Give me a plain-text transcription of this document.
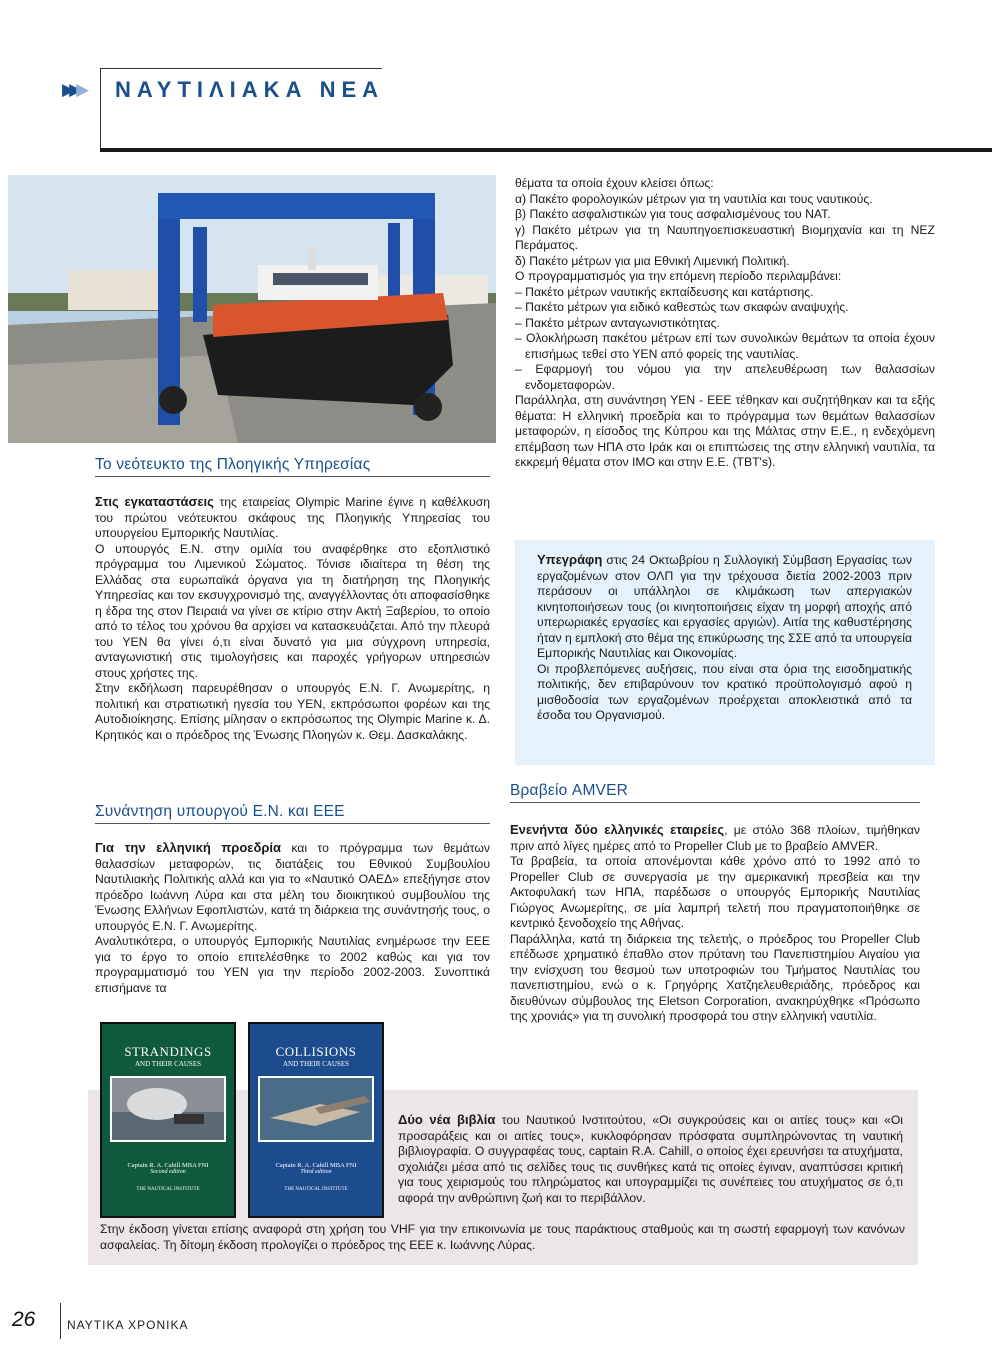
▶▶▶ ΝΑΥΤΙΛΙΑΚΑ ΝΕΑ
Το νεότευκτο της Πλοηγικής Υπηρεσίας

Στις εγκαταστάσεις της εταιρείας Olympic Marine έγινε η καθέλκυση του πρώτου νεότευκτου σκάφους της Πλοηγικής Υπηρεσίας του υπουργείου Εμπορικής Ναυτιλίας.

Ο υπουργός Ε.Ν. στην ομιλία του αναφέρθηκε στο εξοπλιστικό πρόγραμμα του Λιμενικού Σώματος. Τόνισε ιδιαίτερα τη θέση της Ελλάδας στα ευρωπαϊκά όργανα για τη διατήρηση της Πλοηγικής Υπηρεσίας και τον εκσυγχρονισμό της, αναγγέλλοντας ότι αποφασίσθηκε η έδρα της στον Πειραιά να γίνει σε κτίριο στην Ακτή Ξαβερίου, το οποίο από το τέλος του χρόνου θα αρχίσει να κατασκευάζεται. Από την πλευρά του ΥΕΝ θα γίνει ό,τι είναι δυνατό για μια σύγχρονη υπηρεσία, ανταγωνιστική στις τιμολογήσεις και παροχές γρήγορων υπηρεσιών στους χρήστες της.

Στην εκδήλωση παρευρέθησαν ο υπουργός Ε.Ν. Γ. Ανωμερίτης, η πολιτική και στρατιωτική ηγεσία του ΥΕΝ, εκπρόσωποι φορέων και της Αυτοδιοίκησης. Επίσης μίλησαν ο εκπρόσωπος της Olympic Marine κ. Δ. Κρητικός και ο πρόεδρος της Ένωσης Πλοηγών κ. Θεμ. Δασκαλάκης.

Συνάντηση υπουργού Ε.Ν. και ΕΕΕ

Για την ελληνική προεδρία και το πρόγραμμα των θεμάτων θαλασσίων μεταφορών, τις διατάξεις του Εθνικού Συμβουλίου Ναυτιλιακής Πολιτικής αλλά και για το «Ναυτικό ΟΑΕΔ» επεξήγησε στον πρόεδρο Ιωάννη Λύρα και στα μέλη του διοικητικού συμβουλίου της Ένωσης Ελλήνων Εφοπλιστών, κατά τη διάρκεια της συνάντησής τους, ο υπουργός Ε.Ν. Γ. Ανωμερίτης.

Αναλυτικότερα, ο υπουργός Εμπορικής Ναυτιλίας ενημέρωσε την ΕΕΕ για το έργο το οποίο επιτελέσθηκε το 2002 καθώς και για τον προγραμματισμό του ΥΕΝ για την περίοδο 2002-2003. Συνοπτικά επισήμανε τα

θέματα τα οποία έχουν κλείσει όπως:

α) Πακέτο φορολογικών μέτρων για τη ναυτιλία και τους ναυτικούς.

β) Πακέτο ασφαλιστικών για τους ασφαλισμένους του ΝΑΤ.

γ) Πακέτο μέτρων για τη Ναυπηγοεπισκευαστική Βιομηχανία και τη ΝΕΖ Περάματος.

δ) Πακέτο μέτρων για μια Εθνική Λιμενική Πολιτική.

Ο προγραμματισμός για την επόμενη περίοδο περιλαμβάνει:

– Πακέτο μέτρων ναυτικής εκπαίδευσης και κατάρτισης.

– Πακέτο μέτρων για ειδικό καθεστώς των σκαφών αναψυχής.

– Πακέτο μέτρων ανταγωνιστικότητας.

– Ολοκλήρωση πακέτου μέτρων επί των συνολικών θεμάτων τα οποία έχουν επισήμως τεθεί στο ΥΕΝ από φορείς της ναυτιλίας.

– Εφαρμογή του νόμου για την απελευθέρωση των θαλασσίων ενδομεταφορών.

Παράλληλα, στη συνάντηση ΥΕΝ - ΕΕΕ τέθηκαν και συζητήθηκαν και τα εξής θέματα: Η ελληνική προεδρία και το πρόγραμμα των θεμάτων θαλασσίων μεταφορών, η είσοδος της Κύπρου και της Μάλτας στην Ε.Ε., η ενδεχόμενη επέμβαση των ΗΠΑ στο Ιράκ και οι επιπτώσεις της στην ελληνική ναυτιλία, τα εκκρεμή θέματα στον ΙΜΟ και στην Ε.Ε. (TBT's).

Υπεγράφη στις 24 Οκτωβρίου η Συλλογική Σύμβαση Εργασίας των εργαζομένων στον ΟΛΠ για την τρέχουσα διετία 2002-2003 πριν περάσουν οι υπάλληλοι σε κλιμάκωση των απεργιακών κινητοποιήσεων τους (οι κινητοποιήσεις είχαν τη μορφή αποχής από υπερωριακές εργασίες και εργασίες αργιών). Αιτία της καθυστέρησης ήταν η εμπλοκή στο θέμα της επικύρωσης της ΣΣΕ από τα υπουργεία Εμπορικής Ναυτιλίας και Οικονομίας.

Οι προβλεπόμενες αυξήσεις, που είναι στα όρια της εισοδηματικής πολιτικής, δεν επιβαρύνουν τον κρατικό προϋπολογισμό αφού η μισθοδοσία των εργαζομένων προέρχεται αποκλειστικά από τα έσοδα του Οργανισμού.

Βραβείο AMVER

Ενενήντα δύο ελληνικές εταιρείες, με στόλο 368 πλοίων, τιμήθηκαν πριν από λίγες ημέρες από το Propeller Club με το βραβείο AMVER.

Τα βραβεία, τα οποία απονέμονται κάθε χρόνο από το 1992 από το Propeller Club σε συνεργασία με την αμερικανική πρεσβεία και την Ακτοφυλακή των ΗΠΑ, παρέδωσε ο υπουργός Εμπορικής Ναυτιλίας Γιώργος Ανωμερίτης, σε μία λαμπρή τελετή που πραγματοποιήθηκε σε κεντρικό ξενοδοχείο της Αθήνας.

Παράλληλα, κατά τη διάρκεια της τελετής, ο πρόεδρος του Propeller Club επέδωσε χρηματικό έπαθλο στον πρύτανη του Πανεπιστημίου Αιγαίου για την ενίσχυση του θεσμού των υποτροφιών του Τμήματος Ναυτιλίας του πανεπιστημίου, ενώ ο κ. Γρηγόρης Χατζηελευθεριάδης, πρόεδρος και διευθύνων σύμβουλος της Eletson Corporation, ανακηρύχθηκε «Πρόσωπο της χρονιάς» για τη συνολική προσφορά του στην ελληνική ναυτιλία.

STRANDINGS
AND THEIR CAUSES
Captain R. A. Cahill MBA FNI
Second edition
THE NAUTICAL INSTITUTE
COLLISIONS
AND THEIR CAUSES
Captain R. A. Cahill MBA FNI
Third edition
THE NAUTICAL INSTITUTE

Δύο νέα βιβλία του Ναυτικού Ινστιτούτου, «Οι συγκρούσεις και οι αιτίες τους» και «Οι προσαράξεις και οι αιτίες τους», κυκλοφόρησαν πρόσφατα συμπληρώνοντας τη ναυτική βιβλιογραφία. Ο συγγραφέας τους, captain R.A. Cahill, ο οποίος έχει ερευνήσει τα ατυχήματα, σχολιάζει μέσα από τις σελίδες τους τις συνθήκες κατά τις οποίες έγιναν, αναπτύσσει κριτική για τους χειρισμούς του πληρώματος και υπογραμμίζει τις συνέπειες του ατυχήματος σε ό,τι αφορά την ανθρώπινη ζωή και το περιβάλλον.

Στην έκδοση γίνεται επίσης αναφορά στη χρήση του VHF για την επικοινωνία με τους παράκτιους σταθμούς και τη σωστή εφαρμογή των κανόνων ασφαλείας. Τη δίτομη έκδοση προλογίζει ο πρόεδρος της ΕΕΕ κ. Ιωάννης Λύρας.

26	ΝΑΥΤΙΚΑ ΧΡΟΝΙΚΑ
